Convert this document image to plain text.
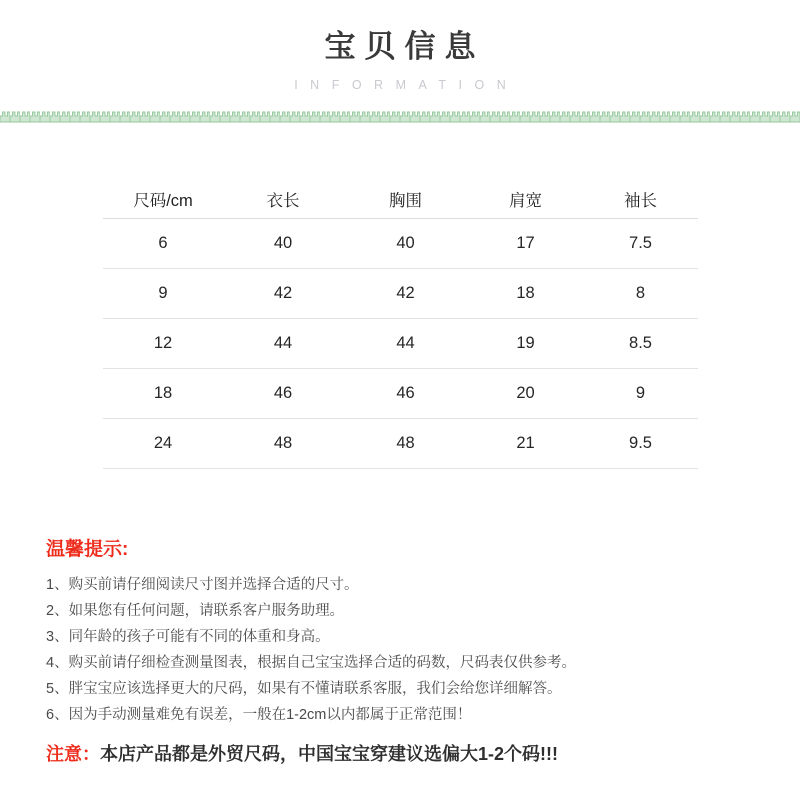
宝贝信息
INFORMATION
尺码/cm	衣长	胸围	肩宽	袖长
6	40	40	17	7.5
9	42	42	18	8
12	44	44	19	8.5
18	46	46	20	9
24	48	48	21	9.5
温馨提示:
1、购买前请仔细阅读尺寸图并选择合适的尺寸。
2、如果您有任何问题，请联系客户服务助理。
3、同年龄的孩子可能有不同的体重和身高。
4、购买前请仔细检查测量图表，根据自己宝宝选择合适的码数，尺码表仅供参考。
5、胖宝宝应该选择更大的尺码，如果有不懂请联系客服，我们会给您详细解答。
6、因为手动测量难免有误差，一般在1-2cm以内都属于正常范围！
注意：本店产品都是外贸尺码，中国宝宝穿建议选偏大1-2个码!!!
